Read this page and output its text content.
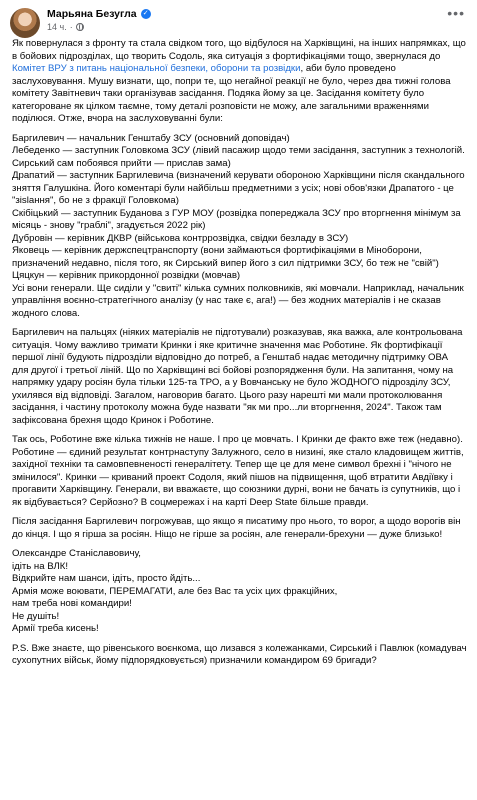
Марьяна Безугла ✓
14 ч. ·
•••

Як повернулася з фронту та стала свідком того, що відбулося на Харківщині, на інших напрямках, що в бойових підрозділах, що творить Содоль, яка ситуація з фортифікаціями тощо, звернулася до Комітет ВРУ з питань національної безпеки, оборони та розвідки, аби було проведено заслуховування. Мушу визнати, що, попри те, що негайної реакції не було, через два тижні голова комітету Завітневич таки організував засідання. Подяка йому за це. Засідання комітету було категороване як цілком таємне, тому деталі розповісти не можу, але загальними враженнями поділюся. Отже, вчора на заслуховуванні були:

Баргилевич — начальник Генштабу ЗСУ (основний доповідач)
Лебеденко — заступник Головкома ЗСУ (лівий пасажир щодо теми засідання, заступник з технологій. Сирський сам побоявся прийти — прислав зама)
Драпатий — заступник Баргилевича (визначений керувати обороною Харківщини після скандального зняття Галушкіна. Його коментарі були найбільш предметними з усіх; нові обов'язки Драпатого - це "зislання", бо не з фракції Головкома)
Скібіцький — заступник Буданова з ГУР МОУ (розвідка попереджала ЗСУ про вторгнення мінімум за місяць - знову "граблі", згадується 2022 рік)
Дубровін — керівник ДКВР (військова контррозвідка, свідки безладу в ЗСУ)
Яковець — керівник держспецтранспорту (вони займаються фортифікаціями в Міноборони, призначений недавно, після того, як Сирський випер його з сил підтримки ЗСУ, бо теж не "свій")
Цяцкун — керівник прикордонної розвідки (мовчав)
Усі вони генерали. Ще сиділи у "свиті" кілька сумних полковників, які мовчали. Наприклад, начальник управління воєнно-стратегічного аналізу (у нас таке є, ага!) — без жодних матеріалів і не сказав жодного слова.

Баргилевич на пальцях (ніяких матеріалів не підготували) розказував, яка важка, але контрольована ситуація. Чому важливо тримати Кринки і яке критичне значення має Роботине. Як фортифікації першої лінії будують підрозділи відповідно до потреб, а Генштаб надає методичну підтримку ОВА для другої і третьої ліній. Що по Харківщині всі бойові розпорядження були. На запитання, чому на напрямку удару росіян була тільки 125-та ТРО, а у Вовчанську не було ЖОДНОГО підрозділу ЗСУ, ухилявся від відповіді. Загалом, наговорив багато. Цього разу нарешті ми мали протоколювання засідання, і частину протоколу можна буде назвати "як ми про...ли вторгнення, 2024". Також там зафіксована брехня щодо Кринок і Роботине.

Так ось, Роботине вже кілька тижнів не наше. І про це мовчать. І Кринки де факто вже теж (недавно). Роботине — єдиний результат контрнаступу Залужного, село в низині, яке стало кладовищем життів, західної техніки та самовпевненості генералітету. Тепер ще це для мене символ брехні і "нічого не змінилося". Кринки — криваний проект Содоля, який пішов на підвищення, щоб втратити Авдіївку і прогавити Харківщину. Генерали, ви вважаєте, що союзники дурні, вони не бачать із супутників, що і як відбувається? Серйозно? В соцмережах і на карті Deep State більше правди.

Після засідання Баргилевич погрожував, що якщо я писатиму про нього, то ворог, а щодо ворогів він до кінця. І що я гірша за росіян. Ніщо не гірше за росіян, але генерали-брехуни — дуже близько!

Олександре Станіславовичу,
ідіть на ВЛК!
Відкрийте нам шанси, ідіть, просто йдіть...
Армія може воювати, ПЕРЕМАГАТИ, але без Вас та усіх цих фракційних,
нам треба нові командири!
Не душіть!
Армії треба кисень!

P.S. Вже знаєте, що рівенського воєнкома, що лизався з колежанками, Сирський і Павлюк (комадувач сухопутних військ, йому підпорядковується) призначили командиром 69 бригади?
